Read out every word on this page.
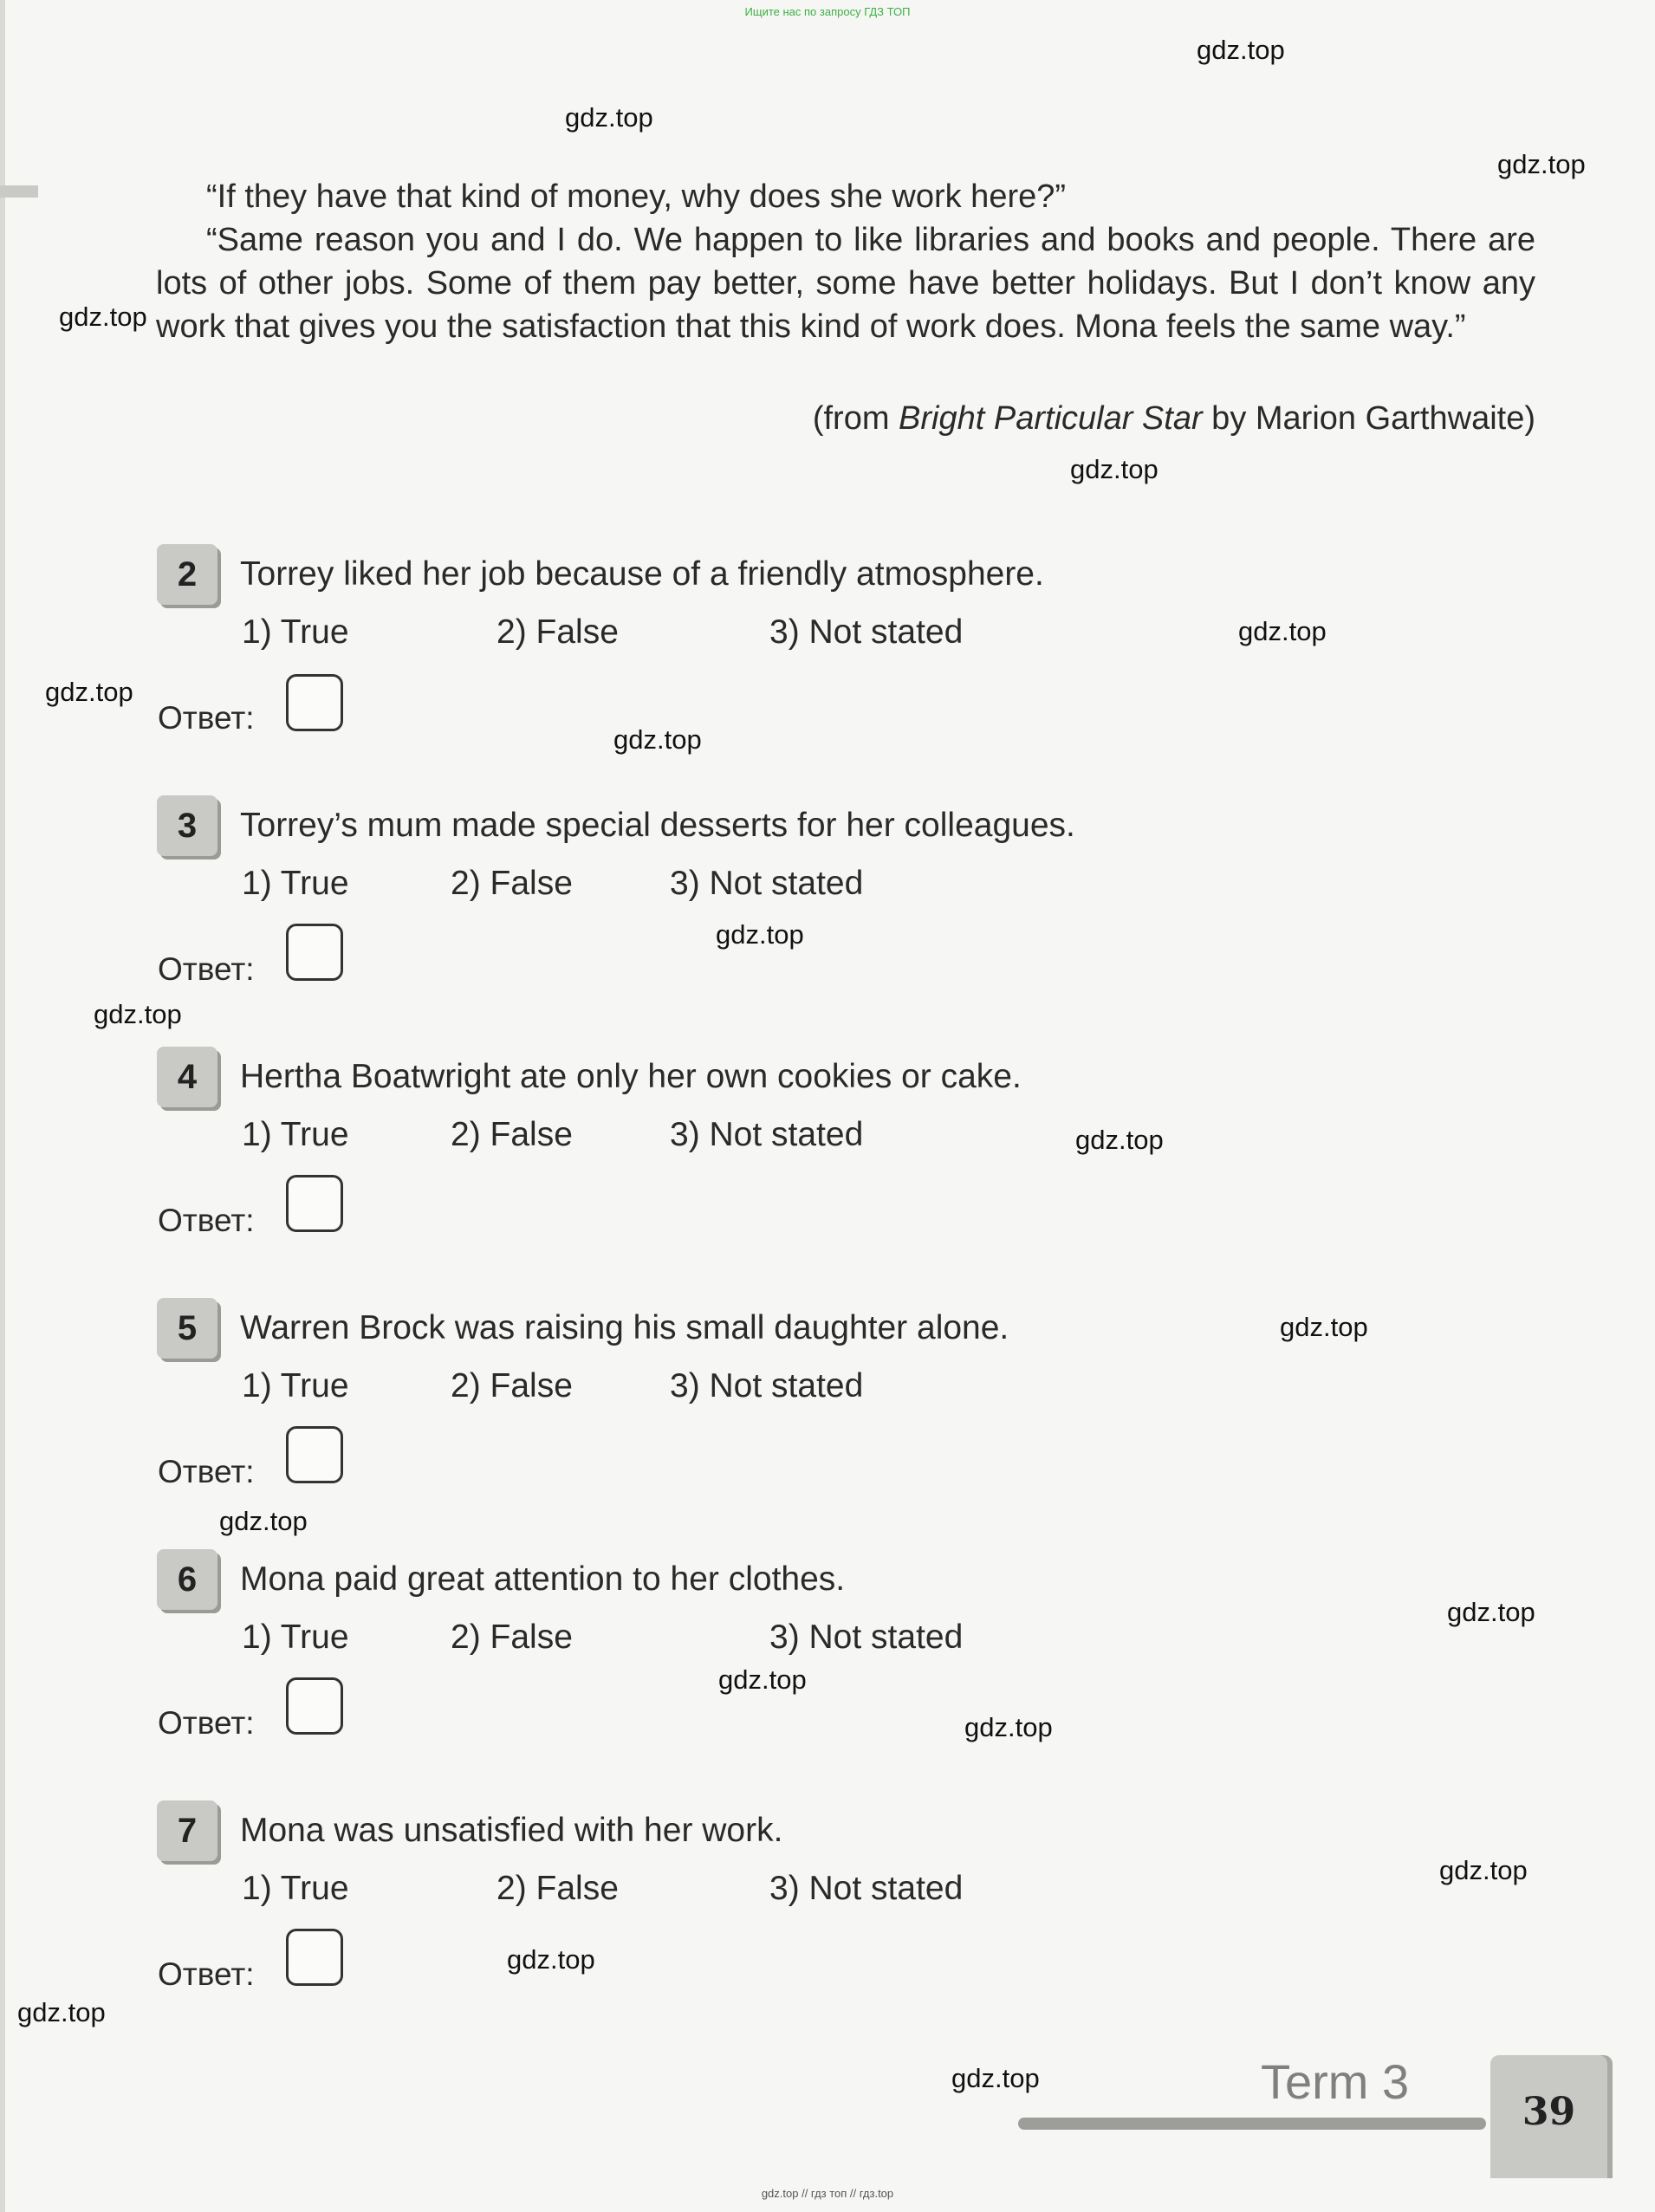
Ищите нас по запросу ГДЗ ТОП
gdz.top
gdz.top
gdz.top
gdz.top
gdz.top
gdz.top
gdz.top
gdz.top
gdz.top
gdz.top
gdz.top
gdz.top
gdz.top
gdz.top
gdz.top
gdz.top
gdz.top
gdz.top
gdz.top
gdz.top

“If they have that kind of money, why does she work here?”

“Same reason you and I do. We happen to like libraries and books and people. There are lots of other jobs. Some of them pay better, some have better holidays. But I don’t know any work that gives you the satisfaction that this kind of work does. Mona feels the same way.”

(from Bright Particular Star by Marion Garthwaite)
2	Torrey liked her job because of a friendly atmosphere.
1) True	2) False	3) Not stated
Ответ:
3	Torrey’s mum made special desserts for her colleagues.
1) True	2) False	3) Not stated
Ответ:
4	Hertha Boatwright ate only her own cookies or cake.
1) True	2) False	3) Not stated
Ответ:
5	Warren Brock was raising his small daughter alone.
1) True	2) False	3) Not stated
Ответ:
6	Mona paid great attention to her clothes.
1) True	2) False	3) Not stated
Ответ:
7	Mona was unsatisfied with her work.
1) True	2) False	3) Not stated
Ответ:
Term 3
39
gdz.top // гдз топ // гдз.top
